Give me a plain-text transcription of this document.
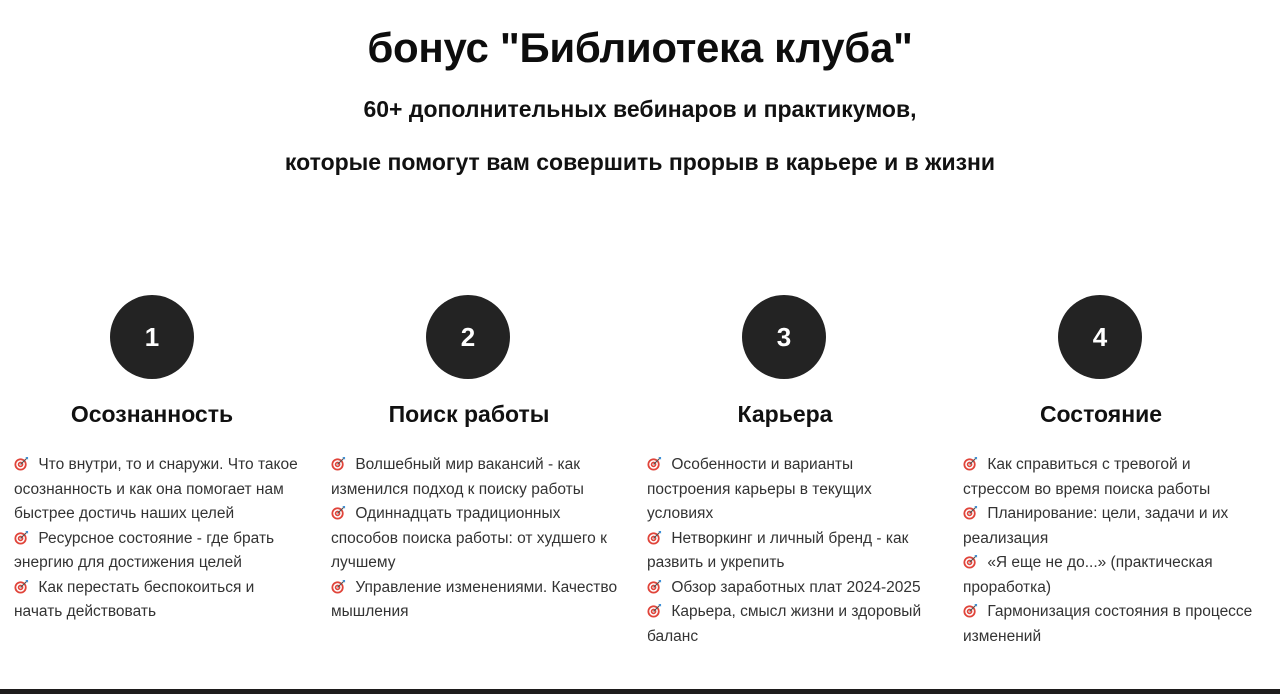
бонус "Библиотека клуба"
60+ дополнительных вебинаров и практикумов,
которые помогут вам совершить прорыв в карьере и в жизни
1
Осознанность
Что внутри, то и снаружи. Что такое осознанность и как она помогает нам быстрее достичь наших целей
Ресурсное состояние - где брать энергию для достижения целей
Как перестать беспокоиться и начать действовать
2
Поиск работы
Волшебный мир вакансий - как изменился подход к поиску работы
Одиннадцать традиционных способов поиска работы: от худшего к лучшему
Управление изменениями. Качество мышления
3
Карьера
Особенности и варианты построения карьеры в текущих условиях
Нетворкинг и личный бренд - как развить и укрепить
Обзор заработных плат 2024-2025
Карьера, смысл жизни и здоровый баланс
4
Состояние
Как справиться с тревогой и стрессом во время поиска работы
Планирование: цели, задачи и их реализация
«Я еще не до...» (практическая проработка)
Гармонизация состояния в процессе изменений
